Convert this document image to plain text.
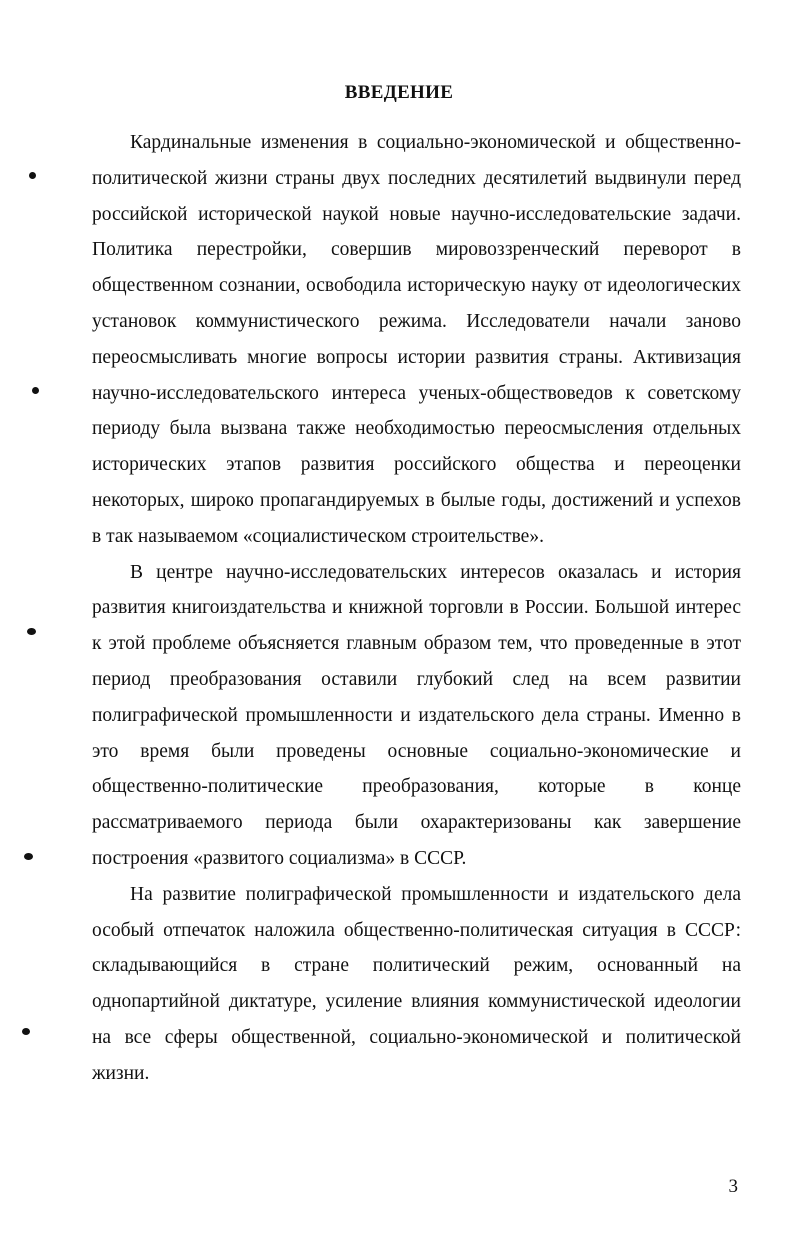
ВВЕДЕНИЕ

Кардинальные изменения в социально-экономической и общественно-политической жизни страны двух последних десятилетий выдвинули перед российской исторической наукой новые научно-исследовательские задачи. Политика перестройки, совершив мировоззренческий переворот в общественном сознании, освободила историческую науку от идеологических установок коммунистического режима. Исследователи начали заново переосмысливать многие вопросы истории развития страны. Активизация научно-исследовательского интереса ученых-обществоведов к советскому периоду была вызвана также необходимостью переосмысления отдельных исторических этапов развития российского общества и переоценки некоторых, широко пропагандируемых в былые годы, достижений и успехов в так называемом «социалистическом строительстве».

В центре научно-исследовательских интересов оказалась и история развития книгоиздательства и книжной торговли в России. Большой интерес к этой проблеме объясняется главным образом тем, что проведенные в этот период преобразования оставили глубокий след на всем развитии полиграфической промышленности и издательского дела страны. Именно в это время были проведены основные социально-экономические и общественно-политические преобразования, которые в конце рассматриваемого периода были охарактеризованы как завершение построения «развитого социализма» в СССР.

На развитие полиграфической промышленности и издательского дела особый отпечаток наложила общественно-политическая ситуация в СССР: складывающийся в стране политический режим, основанный на однопартийной диктатуре, усиление влияния коммунистической идеологии на все сферы общественной, социально-экономической и политической жизни.

3
